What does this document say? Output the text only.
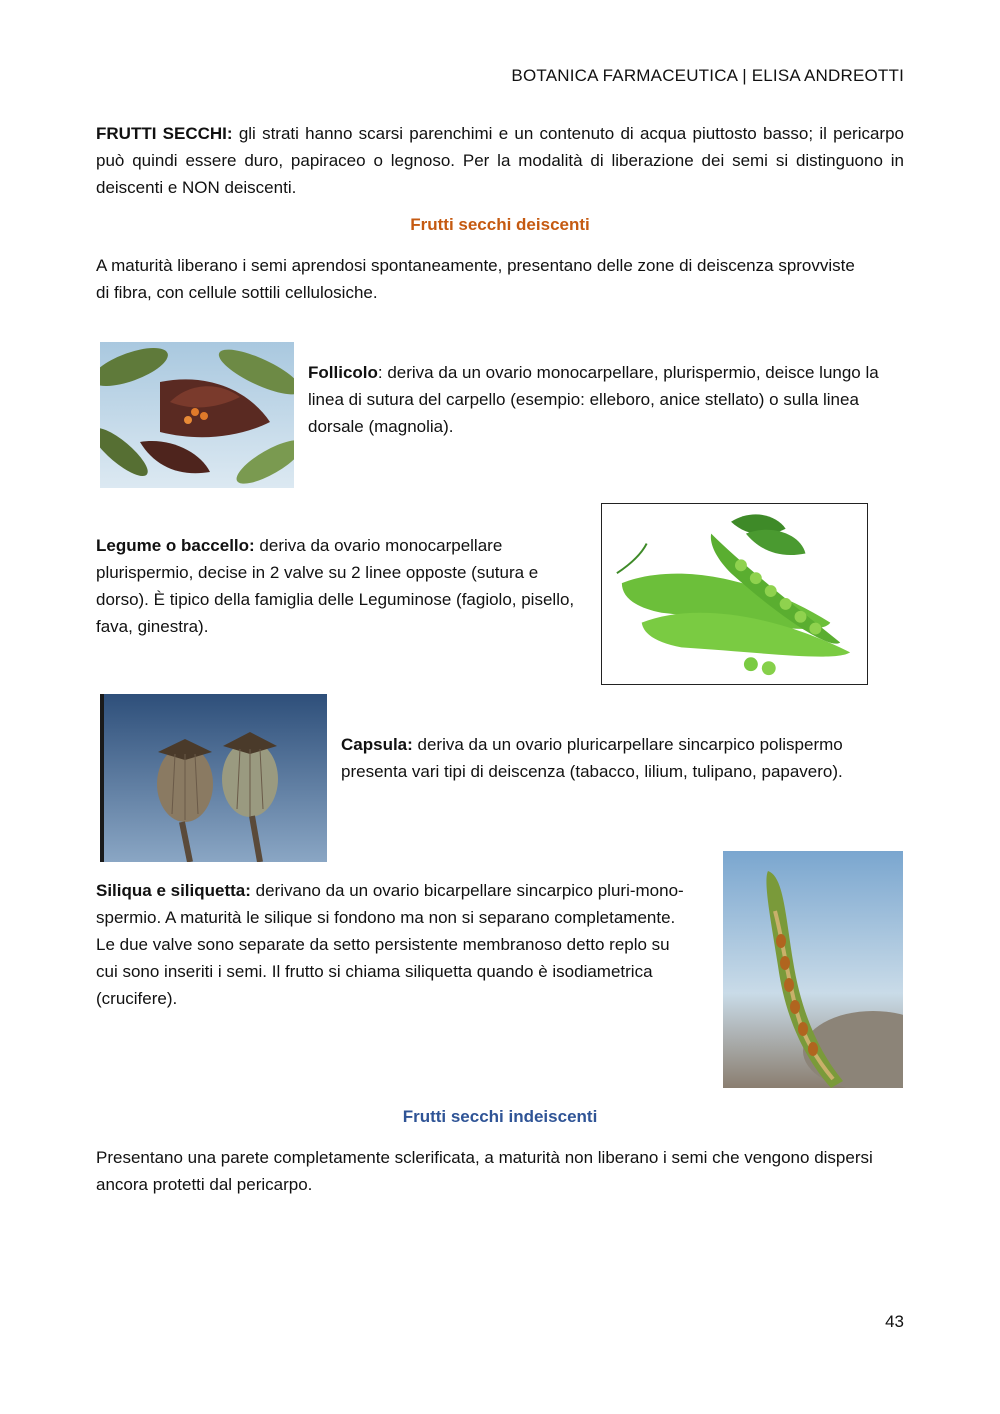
BOTANICA FARMACEUTICA | ELISA ANDREOTTI

FRUTTI SECCHI: gli strati hanno scarsi parenchimi e un contenuto di acqua piuttosto basso; il pericarpo può quindi essere duro, papiraceo o legnoso. Per la modalità di liberazione dei semi si distinguono in deiscenti e NON deiscenti.

Frutti secchi deiscenti

A maturità liberano i semi aprendosi spontaneamente, presentano delle zone di deiscenza sprovviste di fibra, con cellule sottili cellulosiche.

Follicolo: deriva da un ovario monocarpellare, plurispermio, deisce lungo la linea di sutura del carpello (esempio: elleboro, anice stellato) o sulla linea dorsale (magnolia).

Legume o baccello: deriva da ovario monocarpellare plurispermio, decise in 2 valve su 2 linee opposte (sutura e dorso). È tipico della famiglia delle Leguminose (fagiolo, pisello, fava, ginestra).

Capsula: deriva da un ovario pluricarpellare sincarpico polispermo presenta vari tipi di deiscenza (tabacco, lilium, tulipano, papavero).

Siliqua e siliquetta: derivano da un ovario bicarpellare sincarpico pluri-mono-spermio. A maturità le silique si fondono ma non si separano completamente. Le due valve sono separate da setto persistente membranoso detto replo su cui sono inseriti i semi. Il frutto si chiama siliquetta quando è isodiametrica (crucifere).

Frutti secchi indeiscenti

Presentano una parete completamente sclerificata, a maturità non liberano i semi che vengono dispersi ancora protetti dal pericarpo.

43
